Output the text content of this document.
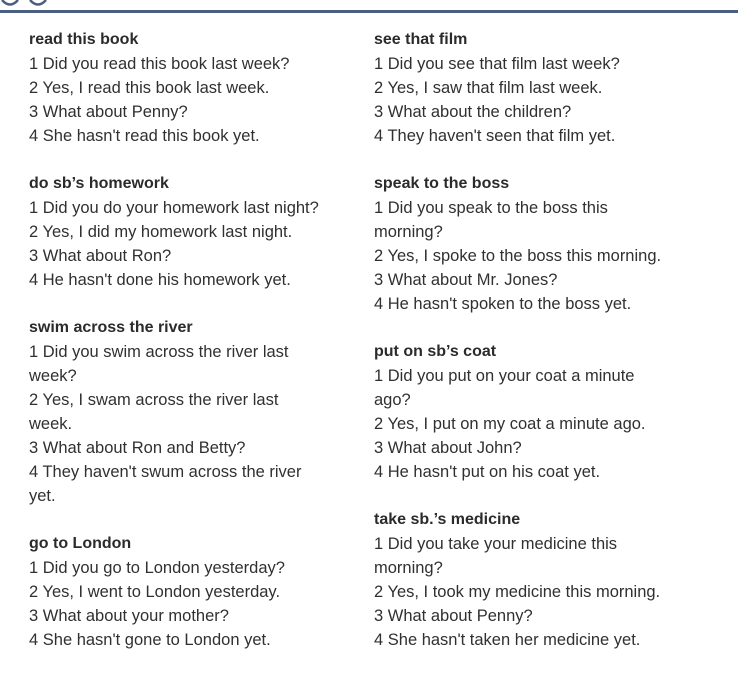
read this book
1 Did you read this book last week?
2 Yes, I read this book last week.
3 What about Penny?
4 She hasn't read this book yet.
do sb’s homework
1 Did you do your homework last night?
2 Yes, I did my homework last night.
3 What about Ron?
4 He hasn't done his homework yet.
swim across the river
1 Did you swim across the river last
week?
2 Yes, I swam across the river last
week.
3 What about Ron and Betty?
4 They haven't swum across the river
yet.
go to London
1 Did you go to London yesterday?
2 Yes, I went to London yesterday.
3 What about your mother?
4 She hasn't gone to London yet.
see that film
1 Did you see that film last week?
2 Yes, I saw that film last week.
3 What about the children?
4 They haven't seen that film yet.
speak to the boss
1 Did you speak to the boss this
morning?
2 Yes, I spoke to the boss this morning.
3 What about Mr. Jones?
4 He hasn't spoken to the boss yet.
put on sb’s coat
1 Did you put on your coat a minute
ago?
2 Yes, I put on my coat a minute ago.
3 What about John?
4 He hasn't put on his coat yet.
take sb.’s medicine
1 Did you take your medicine this
morning?
2 Yes, I took my medicine this morning.
3 What about Penny?
4 She hasn't taken her medicine yet.
